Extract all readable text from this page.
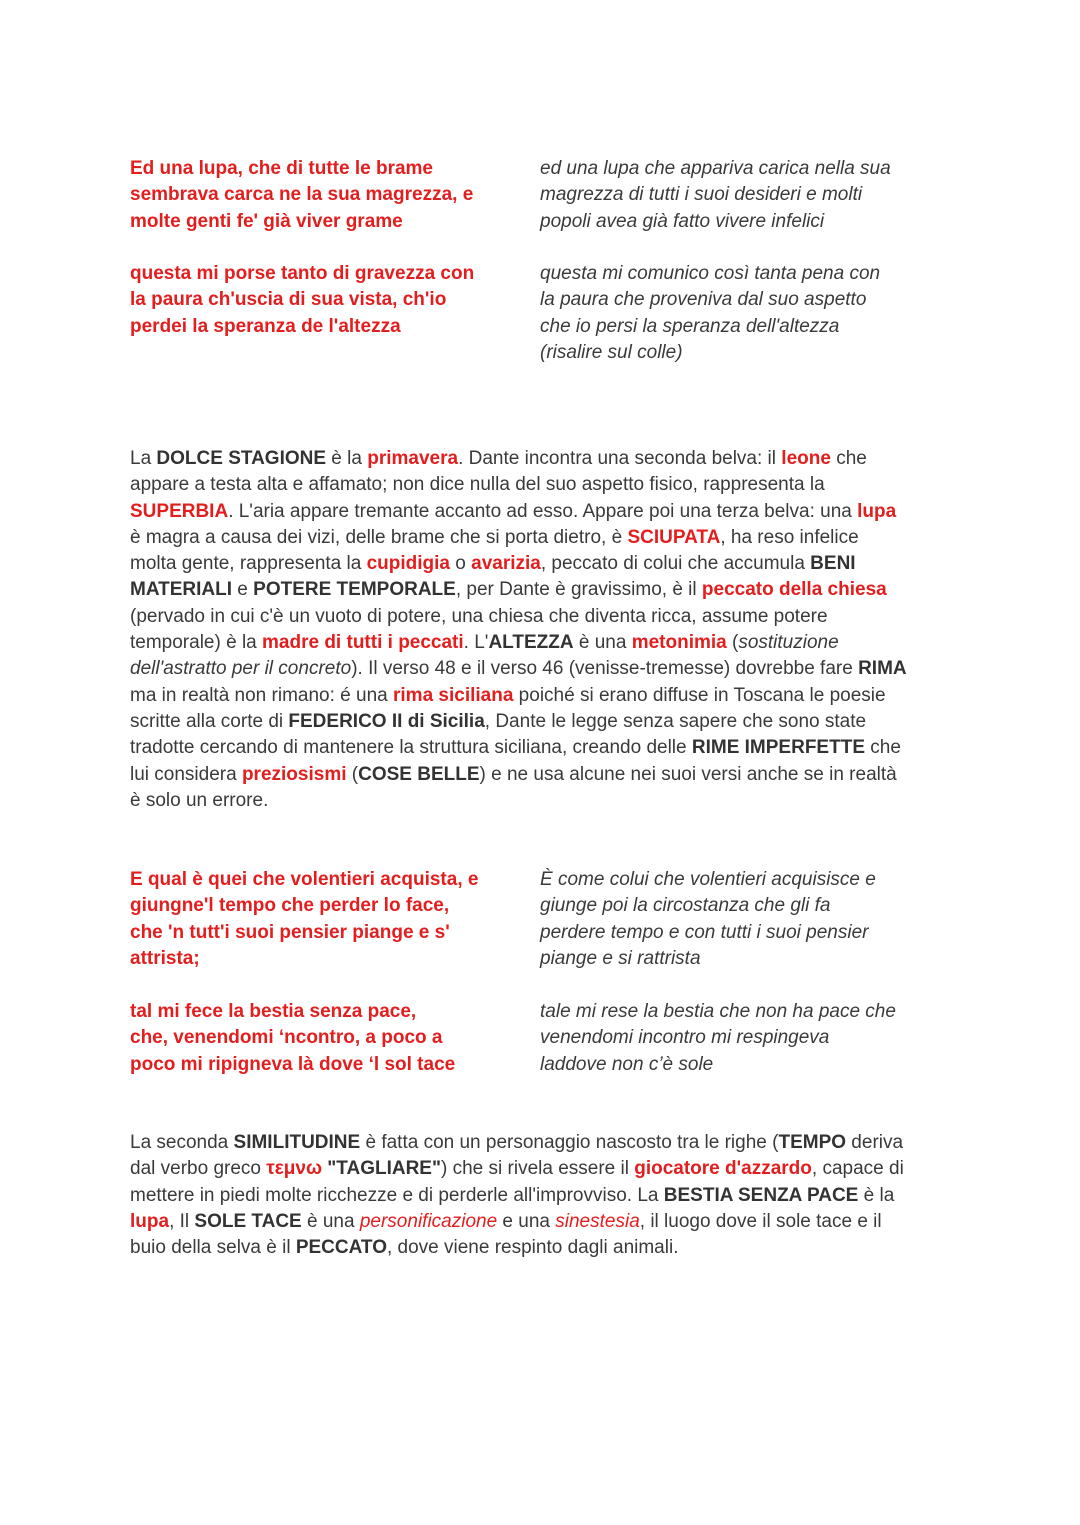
Ed una lupa, che di tutte le brame
sembrava carca ne la sua magrezza, e
molte genti fe' già viver grame
ed una lupa che appariva carica nella sua
magrezza di tutti i suoi desideri e molti
popoli avea già fatto vivere infelici
questa mi porse tanto di gravezza con
la paura ch'uscia di sua vista, ch'io
perdei la speranza de l'altezza
questa mi comunico così tanta pena con
la paura che proveniva dal suo aspetto
che io persi la speranza dell'altezza
(risalire sul colle)
La DOLCE STAGIONE è la primavera. Dante incontra una seconda belva: il leone che
appare a testa alta e affamato; non dice nulla del suo aspetto fisico, rappresenta la
SUPERBIA. L'aria appare tremante accanto ad esso. Appare poi una terza belva: una lupa
è magra a causa dei vizi, delle brame che si porta dietro, è SCIUPATA, ha reso infelice
molta gente, rappresenta la cupidigia o avarizia, peccato di colui che accumula BENI
MATERIALI e POTERE TEMPORALE, per Dante è gravissimo, è il peccato della chiesa
(pervado in cui c'è un vuoto di potere, una chiesa che diventa ricca, assume potere
temporale) è la madre di tutti i peccati. L'ALTEZZA è una metonimia (sostituzione
dell'astratto per il concreto). Il verso 48 e il verso 46 (venisse-tremesse) dovrebbe fare RIMA
ma in realtà non rimano: é una rima siciliana poiché si erano diffuse in Toscana le poesie
scritte alla corte di FEDERICO II di Sicilia, Dante le legge senza sapere che sono state
tradotte cercando di mantenere la struttura siciliana, creando delle RIME IMPERFETTE che
lui considera preziosismi (COSE BELLE) e ne usa alcune nei suoi versi anche se in realtà
è solo un errore.
E qual è quei che volentieri acquista, e
giungne'l tempo che perder lo face,
che 'n tutt'i suoi pensier piange e s'
attrista;
È come colui che volentieri acquisisce e
giunge poi la circostanza che gli fa
perdere tempo e con tutti i suoi pensier
piange e si rattrista
tal mi fece la bestia senza pace,
che, venendomi ‘ncontro, a poco a
poco mi ripigneva là dove ‘l sol tace
tale mi rese la bestia che non ha pace che
venendomi incontro mi respingeva
laddove non c’è sole
La seconda SIMILITUDINE è fatta con un personaggio nascosto tra le righe (TEMPO deriva
dal verbo greco τεμνω "TAGLIARE") che si rivela essere il giocatore d'azzardo, capace di
mettere in piedi molte ricchezze e di perderle all'improvviso. La BESTIA SENZA PACE è la
lupa, Il SOLE TACE è una personificazione e una sinestesia, il luogo dove il sole tace e il
buio della selva è il PECCATO, dove viene respinto dagli animali.
